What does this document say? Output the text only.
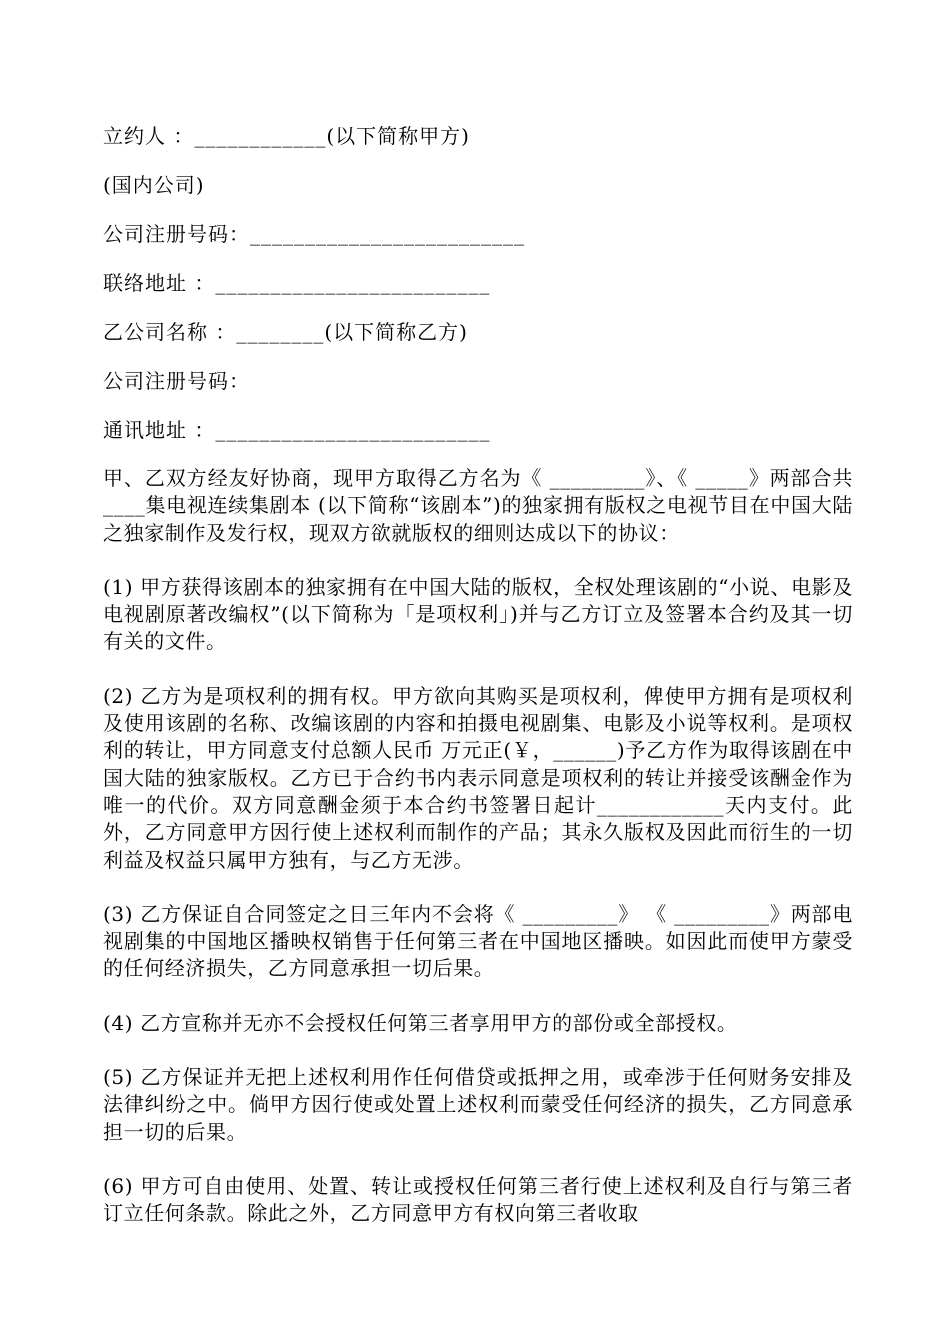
立约人 ：____________(以下简称甲方)
(国内公司)
公司注册号码：_________________________
联络地址 ：_________________________
乙公司名称 ：________(以下简称乙方)
公司注册号码：
通讯地址 ：_________________________

甲、乙双方经友好协商，现甲方取得乙方名为《 _________》、《 _____》两部合共____集电视连续集剧本 (以下简称“该剧本”)的独家拥有版权之电视节目在中国大陆之独家制作及发行权，现双方欲就版权的细则达成以下的协议：

(1) 甲方获得该剧本的独家拥有在中国大陆的版权，全权处理该剧的“小说、电影及电视剧原著改编权”(以下简称为「是项权利」)并与乙方订立及签署本合约及其一切有关的文件。

(2) 乙方为是项权利的拥有权。甲方欲向其购买是项权利，俾使甲方拥有是项权利及使用该剧的名称、改编该剧的内容和拍摄电视剧集、电影及小说等权利。是项权利的转让，甲方同意支付总额人民币 万元正(￥，______)予乙方作为取得该剧在中国大陆的独家版权。乙方已于合约书内表示同意是项权利的转让并接受该酬金作为唯一的代价。双方同意酬金须于本合约书签署日起计____________天内支付。此外，乙方同意甲方因行使上述权利而制作的产品；其永久版权及因此而衍生的一切利益及权益只属甲方独有，与乙方无涉。

(3) 乙方保证自合同签定之日三年内不会将《 _________》 《 _________》两部电视剧集的中国地区播映权销售于任何第三者在中国地区播映。如因此而使甲方蒙受的任何经济损失，乙方同意承担一切后果。

(4) 乙方宣称并无亦不会授权任何第三者享用甲方的部份或全部授权。

(5) 乙方保证并无把上述权利用作任何借贷或抵押之用，或牵涉于任何财务安排及法律纠纷之中。倘甲方因行使或处置上述权利而蒙受任何经济的损失，乙方同意承担一切的后果。

(6) 甲方可自由使用、处置、转让或授权任何第三者行使上述权利及自行与第三者订立任何条款。除此之外，乙方同意甲方有权向第三者收取
